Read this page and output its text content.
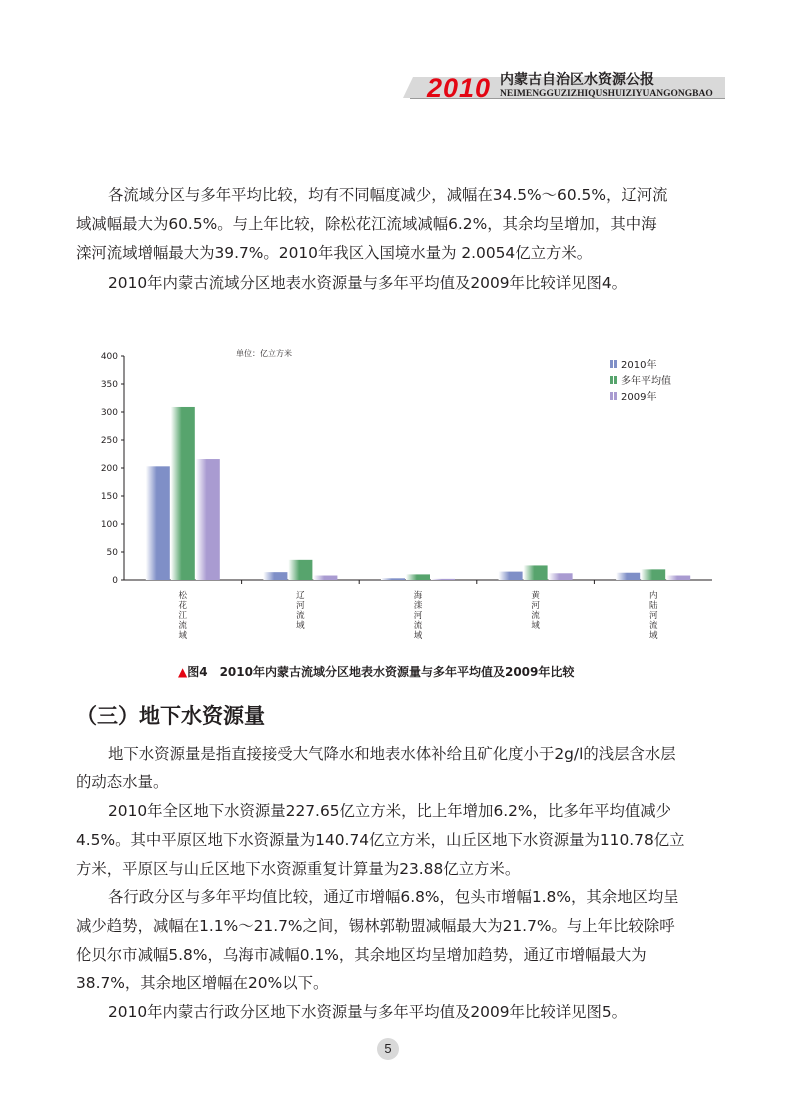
2010 内蒙古自治区水资源公报
NEIMENGGUZIZHIQUSHUIZIYUANGONGBAO

各流域分区与多年平均比较，均有不同幅度减少，减幅在34.5%～60.5%，辽河流

域减幅最大为60.5%。与上年比较，除松花江流域减幅6.2%，其余均呈增加，其中海

滦河流域增幅最大为39.7%。2010年我区入国境水量为 2.0054亿立方米。

2010年内蒙古流域分区地表水资源量与多年平均值及2009年比较详见图4。

0
50
100
150
200
250
300
350
400
松
花
江
流
域
辽
河
流
域
海
滦
河
流
域
黄
河
流
域
内
陆
河
流
域
单位：亿立方米
2010年
多年平均值
2009年
▲图4　2010年内蒙古流域分区地表水资源量与多年平均值及2009年比较
（三）地下水资源量

地下水资源量是指直接接受大气降水和地表水体补给且矿化度小于2g/l的浅层含水层

的动态水量。

2010年全区地下水资源量227.65亿立方米，比上年增加6.2%，比多年平均值减少

4.5%。其中平原区地下水资源量为140.74亿立方米，山丘区地下水资源量为110.78亿立

方米，平原区与山丘区地下水资源重复计算量为23.88亿立方米。

各行政分区与多年平均值比较，通辽市增幅6.8%，包头市增幅1.8%，其余地区均呈

减少趋势，减幅在1.1%～21.7%之间，锡林郭勒盟减幅最大为21.7%。与上年比较除呼

伦贝尔市减幅5.8%，乌海市减幅0.1%，其余地区均呈增加趋势，通辽市增幅最大为

38.7%，其余地区增幅在20%以下。

2010年内蒙古行政分区地下水资源量与多年平均值及2009年比较详见图5。

5
